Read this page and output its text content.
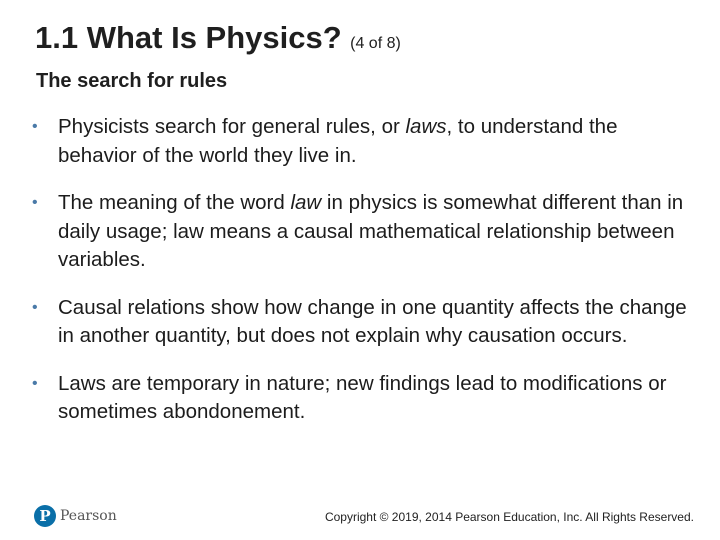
1.1 What Is Physics? (4 of 8)
The search for rules
• Physicists search for general rules, or laws, to understand the behavior of the world they live in.
• The meaning of the word law in physics is somewhat different than in daily usage; law means a causal mathematical relationship between variables.
• Causal relations show how change in one quantity affects the change in another quantity, but does not explain why causation occurs.
• Laws are temporary in nature; new findings lead to modifications or sometimes abondonement.
P Pearson	Copyright © 2019, 2014 Pearson Education, Inc. All Rights Reserved.
